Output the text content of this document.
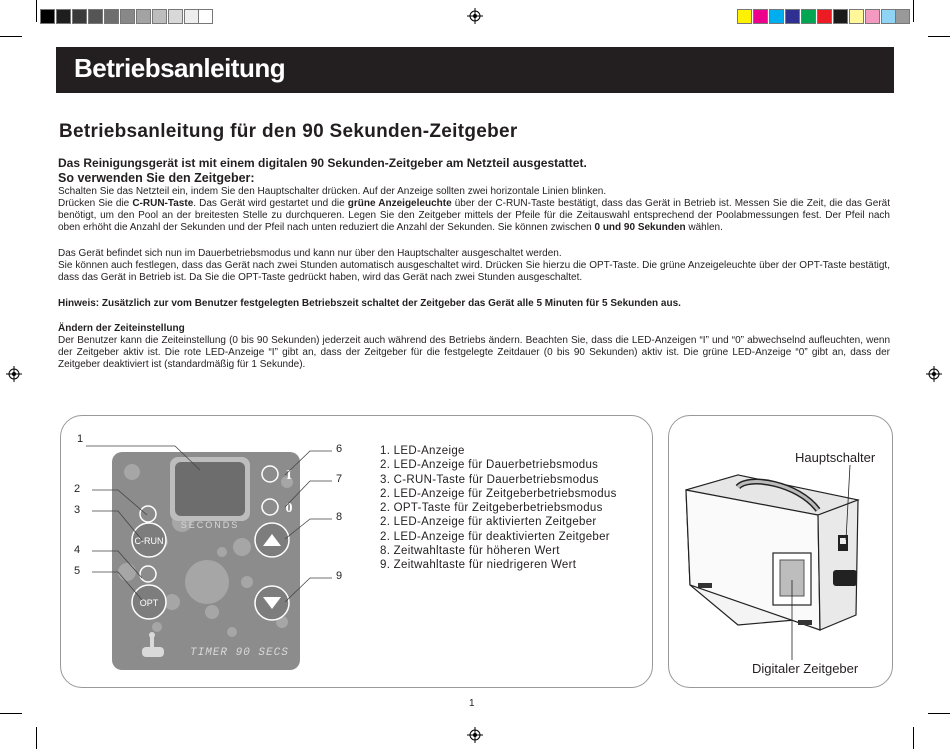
Betriebsanleitung
Betriebsanleitung für den 90 Sekunden-Zeitgeber
Das Reinigungsgerät ist mit einem digitalen 90 Sekunden-Zeitgeber am Netzteil ausgestattet.
So verwenden Sie den Zeitgeber:
Schalten Sie das Netzteil ein, indem Sie den Hauptschalter drücken. Auf der Anzeige sollten zwei horizontale Linien blinken.
Drücken Sie die C-RUN-Taste. Das Gerät wird gestartet und die grüne Anzeigeleuchte über der C-RUN-Taste bestätigt, dass das Gerät in Betrieb ist. Messen Sie die Zeit, die das Gerät benötigt, um den Pool an der breitesten Stelle zu durchqueren. Legen Sie den Zeitgeber mittels der Pfeile für die Zeitauswahl entsprechend der Poolabmessungen fest. Der Pfeil nach oben erhöht die Anzahl der Sekunden und der Pfeil nach unten reduziert die Anzahl der Sekunden. Sie können zwischen 0 und 90 Sekunden wählen.
Das Gerät befindet sich nun im Dauerbetriebsmodus und kann nur über den Hauptschalter ausgeschaltet werden.
Sie können auch festlegen, dass das Gerät nach zwei Stunden automatisch ausgeschaltet wird. Drücken Sie hierzu die OPT-Taste. Die grüne Anzeigeleuchte über der OPT-Taste bestätigt, dass das Gerät in Betrieb ist. Da Sie die OPT-Taste gedrückt haben, wird das Gerät nach zwei Stunden ausgeschaltet.
Hinweis: Zusätzlich zur vom Benutzer festgelegten Betriebszeit schaltet der Zeitgeber das Gerät alle 5 Minuten für 5 Sekunden aus.
Ändern der Zeiteinstellung
Der Benutzer kann die Zeiteinstellung (0 bis 90 Sekunden) jederzeit auch während des Betriebs ändern. Beachten Sie, dass die LED-Anzeigen “I” und “0” abwechselnd aufleuchten, wenn der Zeitgeber aktiv ist. Die rote LED-Anzeige “I” gibt an, dass der Zeitgeber für die festgelegte Zeitdauer (0 bis 90 Sekunden) aktiv ist. Die grüne LED-Anzeige “0” gibt an, dass der Zeitgeber deaktiviert ist (standardmäßig für 1 Sekunde).
SECONDS
C-RUN
OPT
I
0
TIMER 90 SECS
1
2
3
4
5
6
7
8
9
1. LED-Anzeige
2. LED-Anzeige für Dauerbetriebsmodus
3. C-RUN-Taste für Dauerbetriebsmodus
2. LED-Anzeige für Zeitgeberbetriebsmodus
2. OPT-Taste für Zeitgeberbetriebsmodus
2. LED-Anzeige für aktivierten Zeitgeber
2. LED-Anzeige für deaktivierten Zeitgeber
8. Zeitwahltaste für höheren Wert
9. Zeitwahltaste für niedrigeren Wert
Hauptschalter
Digitaler Zeitgeber
1
